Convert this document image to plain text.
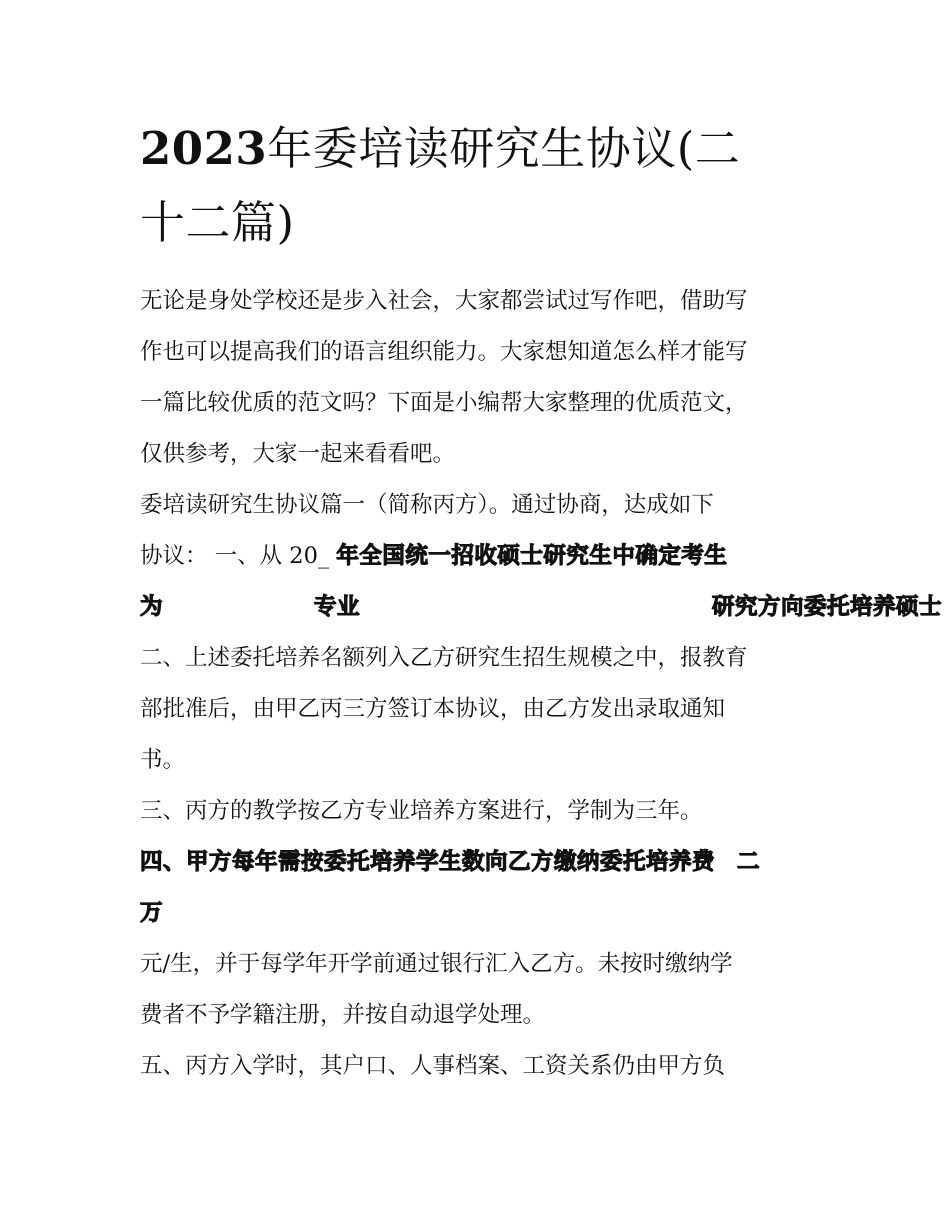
2023年委培读研究生协议(二
十二篇)
无论是身处学校还是步入社会，大家都尝试过写作吧，借助写
作也可以提高我们的语言组织能力。大家想知道怎么样才能写
一篇比较优质的范文吗？下面是小编帮大家整理的优质范文，
仅供参考，大家一起来看看吧。
委培读研究生协议篇一（简称丙方）。通过协商，达成如下
协议： 一、从 20_ 年全国统一招收硕士研究生中确定考生
为	专业	研究方向委托培养硕士
二、上述委托培养名额列入乙方研究生招生规模之中，报教育
部批准后，由甲乙丙三方签订本协议，由乙方发出录取通知
书。
三、丙方的教学按乙方专业培养方案进行，学制为三年。
四、甲方每年需按委托培养学生数向乙方缴纳委托培养费 二
万
元/生，并于每学年开学前通过银行汇入乙方。未按时缴纳学
费者不予学籍注册，并按自动退学处理。
五、丙方入学时，其户口、人事档案、工资关系仍由甲方负
